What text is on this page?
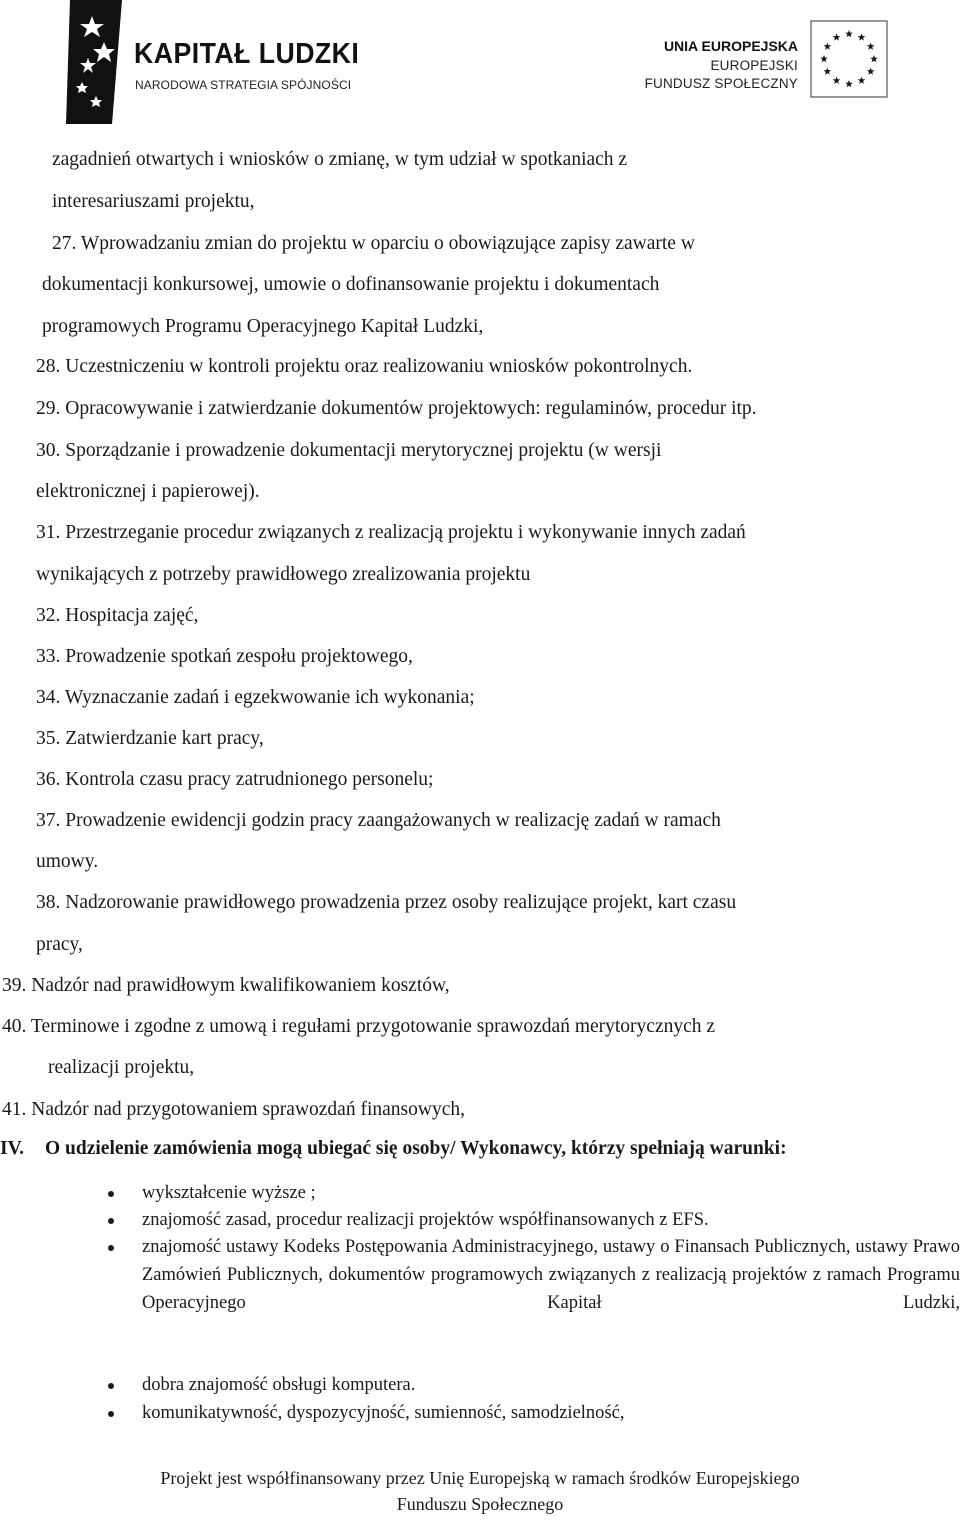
KAPITAŁ LUDZKI
NARODOWA STRATEGIA SPÓJNOŚCI
UNIA EUROPEJSKA
EUROPEJSKI
FUNDUSZ SPOŁECZNY
zagadnień otwartych i wniosków o zmianę, w tym udział w spotkaniach z
interesariuszami projektu,
27. Wprowadzaniu zmian do projektu w oparciu o obowiązujące zapisy zawarte w
dokumentacji konkursowej, umowie o dofinansowanie projektu i dokumentach
programowych Programu Operacyjnego Kapitał Ludzki,
28. Uczestniczeniu w kontroli projektu oraz realizowaniu wniosków pokontrolnych.
29. Opracowywanie i zatwierdzanie dokumentów projektowych: regulaminów, procedur itp.
30. Sporządzanie i prowadzenie dokumentacji merytorycznej projektu (w wersji
elektronicznej i papierowej).
31. Przestrzeganie procedur związanych z realizacją projektu i wykonywanie innych zadań
wynikających z potrzeby prawidłowego zrealizowania projektu
32. Hospitacja zajęć,
33. Prowadzenie spotkań zespołu projektowego,
34. Wyznaczanie zadań i egzekwowanie ich wykonania;
35. Zatwierdzanie kart pracy,
36. Kontrola czasu pracy zatrudnionego personelu;
37. Prowadzenie ewidencji godzin pracy zaangażowanych w realizację zadań w ramach
umowy.
38. Nadzorowanie prawidłowego prowadzenia przez osoby realizujące projekt, kart czasu
pracy,
39. Nadzór nad prawidłowym kwalifikowaniem kosztów,
40. Terminowe i zgodne z umową i regułami przygotowanie sprawozdań merytorycznych z
realizacji projektu,
41. Nadzór nad przygotowaniem sprawozdań finansowych,
IV. O udzielenie zamówienia mogą ubiegać się osoby/ Wykonawcy, którzy spełniają warunki:
wykształcenie wyższe ;
znajomość zasad, procedur realizacji projektów współfinansowanych z EFS.
znajomość ustawy Kodeks Postępowania Administracyjnego, ustawy o Finansach Publicznych, ustawy Prawo Zamówień Publicznych, dokumentów programowych związanych z realizacją projektów z ramach Programu Operacyjnego Kapitał Ludzki,
dobra znajomość obsługi komputera.
komunikatywność, dyspozycyjność, sumienność, samodzielność,
Projekt jest współfinansowany przez Unię Europejską w ramach środków Europejskiego
Funduszu Społecznego
